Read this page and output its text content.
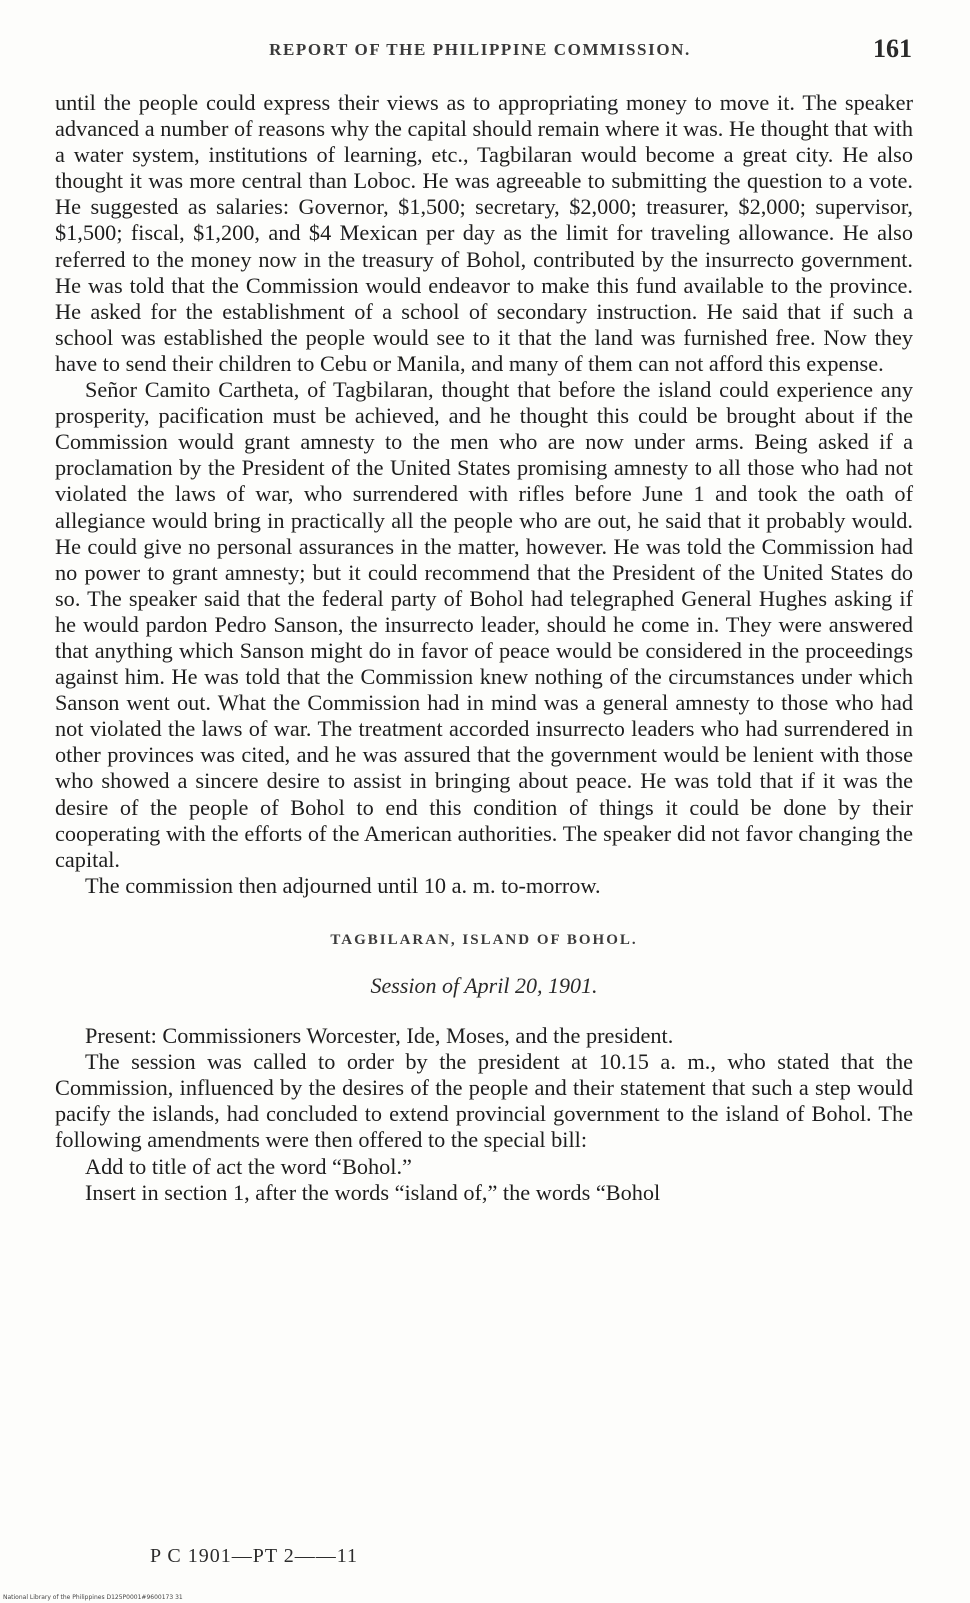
REPORT OF THE PHILIPPINE COMMISSION.	161

until the people could express their views as to appropriating money to move it. The speaker advanced a number of reasons why the capital should remain where it was. He thought that with a water system, institutions of learning, etc., Tagbilaran would become a great city. He also thought it was more central than Loboc. He was agreeable to submitting the question to a vote. He suggested as salaries: Governor, $1,500; secretary, $2,000; treasurer, $2,000; supervisor, $1,500; fiscal, $1,200, and $4 Mexican per day as the limit for traveling allowance. He also referred to the money now in the treasury of Bohol, contributed by the insurrecto government. He was told that the Commission would endeavor to make this fund available to the province. He asked for the establishment of a school of secondary instruction. He said that if such a school was established the people would see to it that the land was furnished free. Now they have to send their children to Cebu or Manila, and many of them can not afford this expense.

Señor Camito Cartheta, of Tagbilaran, thought that before the island could experience any prosperity, pacification must be achieved, and he thought this could be brought about if the Commission would grant amnesty to the men who are now under arms. Being asked if a proclamation by the President of the United States promising amnesty to all those who had not violated the laws of war, who surrendered with rifles before June 1 and took the oath of allegiance would bring in practically all the people who are out, he said that it probably would. He could give no personal assurances in the matter, however. He was told the Commission had no power to grant amnesty; but it could recommend that the President of the United States do so. The speaker said that the federal party of Bohol had telegraphed General Hughes asking if he would pardon Pedro Sanson, the insurrecto leader, should he come in. They were answered that anything which Sanson might do in favor of peace would be considered in the proceedings against him. He was told that the Commission knew nothing of the circumstances under which Sanson went out. What the Commission had in mind was a general amnesty to those who had not violated the laws of war. The treatment accorded insurrecto leaders who had surrendered in other provinces was cited, and he was assured that the government would be lenient with those who showed a sincere desire to assist in bringing about peace. He was told that if it was the desire of the people of Bohol to end this condition of things it could be done by their cooperating with the efforts of the American authorities. The speaker did not favor changing the capital.

The commission then adjourned until 10 a. m. to-morrow.

TAGBILARAN, ISLAND OF BOHOL.
Session of April 20, 1901.

Present: Commissioners Worcester, Ide, Moses, and the president.

The session was called to order by the president at 10.15 a. m., who stated that the Commission, influenced by the desires of the people and their statement that such a step would pacify the islands, had concluded to extend provincial government to the island of Bohol. The following amendments were then offered to the special bill:

Add to title of act the word “Bohol.”

Insert in section 1, after the words “island of,” the words “Bohol

P C 1901—PT 2——11
National Library of the Philippines D125P0001#9600173 31
